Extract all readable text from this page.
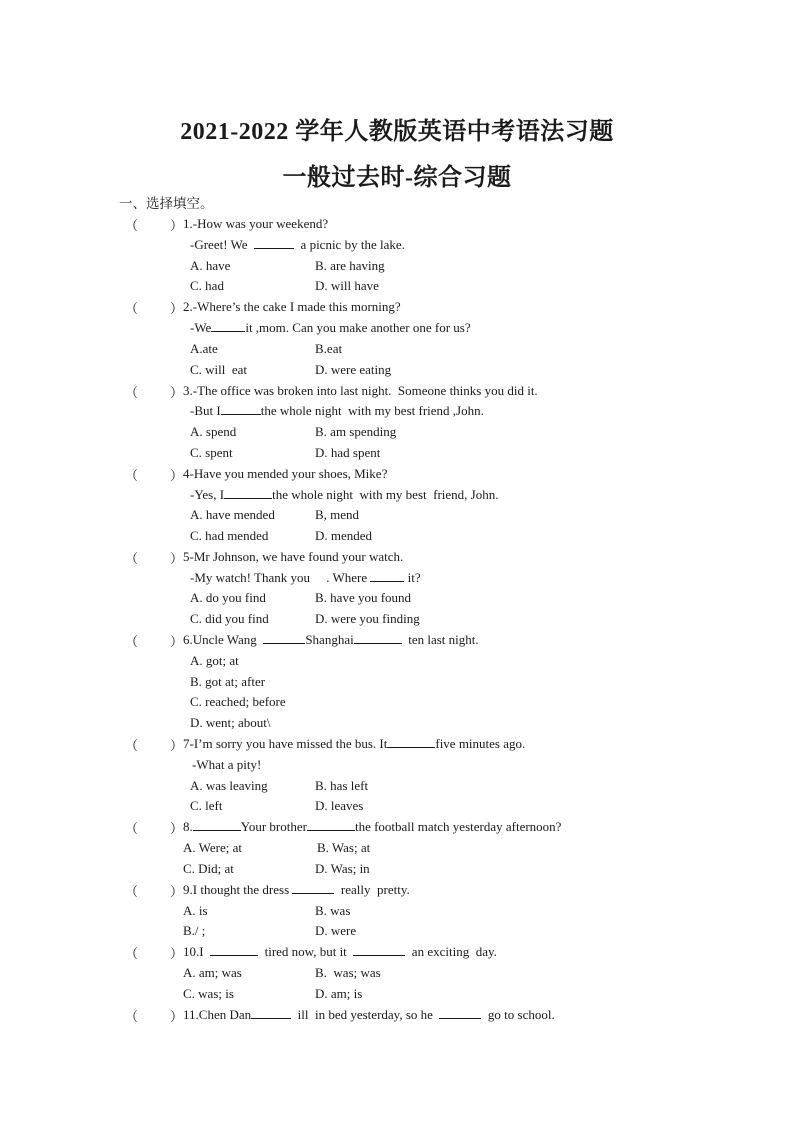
2021-2022 学年人教版英语中考语法习题
一般过去时-综合习题
一、选择填空。
（ ） 1.-How was your weekend?
-Greet! We	a picnic by the lake.
A. have	B. are having
C. had	D. will have
（ ） 2.-Where’s the cake I made this morning?
-We	it ,mom. Can you make another one for us?
A.ate	B.eat
C. will  eat	D. were eating
（ ） 3.-The office was broken into last night.  Someone thinks you did it.
-But I	the whole night  with my best friend ,John.
A. spend	B. am spending
C. spent	D. had spent
（ ） 4-Have you mended your shoes, Mike?
-Yes, I	the whole night  with my best  friend, John.
A. have mended	B, mend
C. had mended	D. mended
（ ） 5-Mr Johnson, we have found your watch.
-My watch! Thank you     . Where	it?
A. do you find	B. have you found
C. did you find	D. were you finding
（ ） 6.Uncle Wang	Shanghai	ten last night.
A. got; at
B. got at; after
C. reached; before
D. went; about\
（ ） 7-I’m sorry you have missed the bus. It	five minutes ago.
-What a pity!
A. was leaving	B. has left
C. left	D. leaves
（ ） 8.	Your brother	the football match yesterday afternoon?
A. Were; at	B. Was; at
C. Did; at	D. Was; in
（ ） 9.I thought the dress	really  pretty.
A. is	B. was
B./ ;	D. were
（ ） 10.I	tired now, but it	an exciting  day.
A. am; was	B.  was; was
C. was; is	D. am; is
（ ） 11.Chen Dan	ill  in bed yesterday, so he	go to school.
